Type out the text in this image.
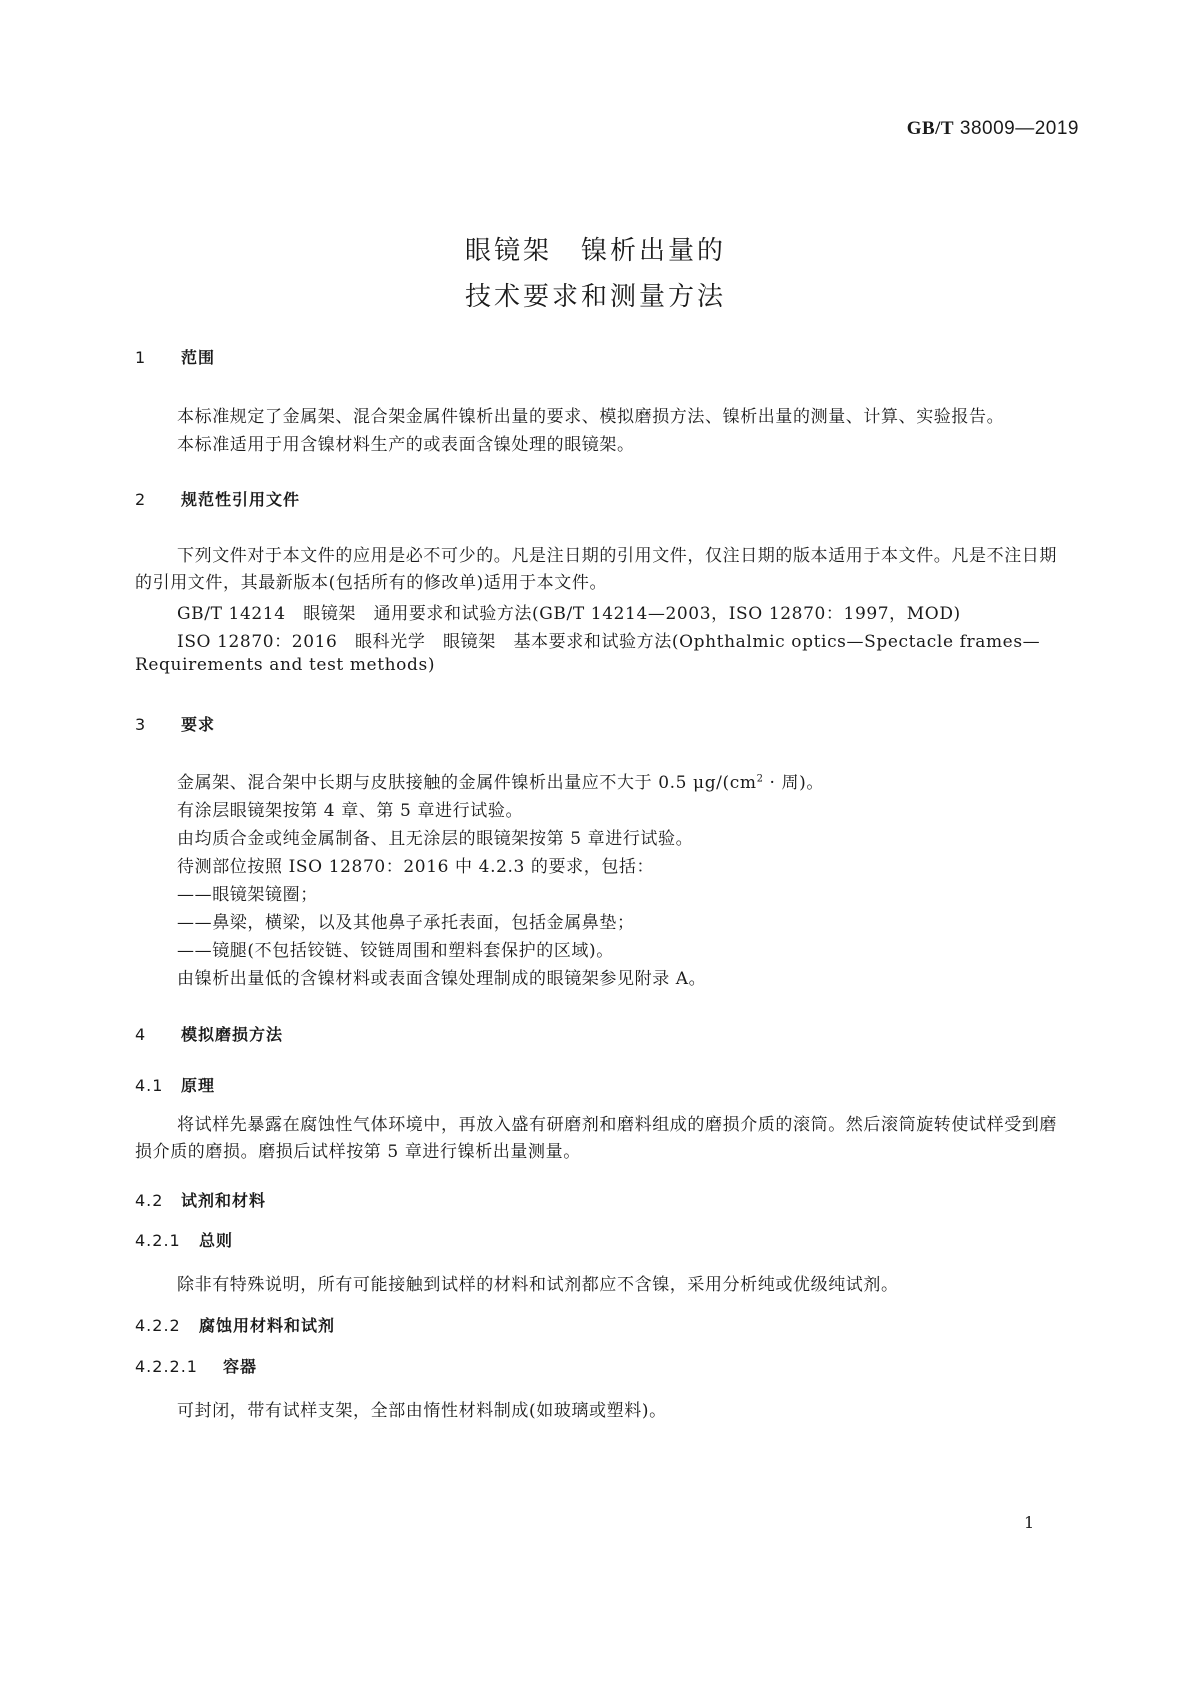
GB/T 38009—2019
眼镜架　镍析出量的
技术要求和测量方法
1 范围
本标准规定了金属架、混合架金属件镍析出量的要求、模拟磨损方法、镍析出量的测量、计算、实验报告。
本标准适用于用含镍材料生产的或表面含镍处理的眼镜架。
2 规范性引用文件
下列文件对于本文件的应用是必不可少的。凡是注日期的引用文件，仅注日期的版本适用于本文件。凡是不注日期的引用文件，其最新版本(包括所有的修改单)适用于本文件。
GB/T 14214　眼镜架　通用要求和试验方法(GB/T 14214—2003，ISO 12870：1997，MOD)
ISO 12870：2016　眼科光学　眼镜架　基本要求和试验方法(Ophthalmic optics—Spectacle frames—
Requirements and test methods)
3 要求
金属架、混合架中长期与皮肤接触的金属件镍析出量应不大于 0.5 $\mu g/(cm^2$ · 周)。
有涂层眼镜架按第 4 章、第 5 章进行试验。
由均质合金或纯金属制备、且无涂层的眼镜架按第 5 章进行试验。
待测部位按照 ISO 12870：2016 中 4.2.3 的要求，包括：
——眼镜架镜圈；
——鼻梁，横梁，以及其他鼻子承托表面，包括金属鼻垫；
——镜腿(不包括铰链、铰链周围和塑料套保护的区域)。
由镍析出量低的含镍材料或表面含镍处理制成的眼镜架参见附录 A。
4 模拟磨损方法
4.1 原理
将试样先暴露在腐蚀性气体环境中，再放入盛有研磨剂和磨料组成的磨损介质的滚筒。然后滚筒旋转使试样受到磨损介质的磨损。磨损后试样按第 5 章进行镍析出量测量。
4.2 试剂和材料
4.2.1 总则
除非有特殊说明，所有可能接触到试样的材料和试剂都应不含镍，采用分析纯或优级纯试剂。
4.2.2 腐蚀用材料和试剂
4.2.2.1 容器
可封闭，带有试样支架，全部由惰性材料制成(如玻璃或塑料)。
1
